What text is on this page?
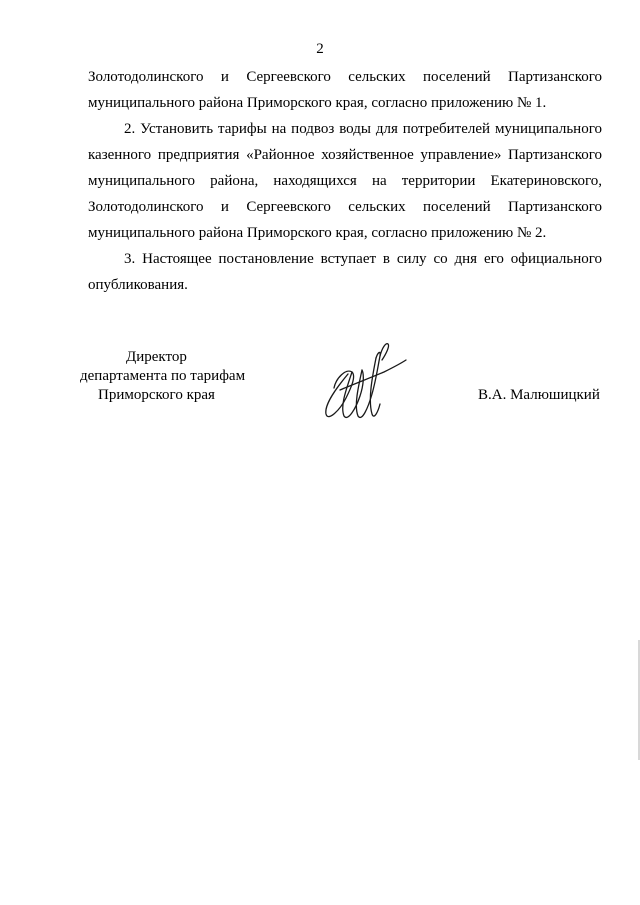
2
Золотодолинского и Сергеевского сельских поселений Партизанского
муниципального района Приморского края, согласно приложению № 1.
2. Установить тарифы на подвоз воды для потребителей муниципального
казенного предприятия «Районное хозяйственное управление» Партизанского
муниципального района, находящихся на территории Екатериновского,
Золотодолинского и Сергеевского сельских поселений Партизанского
муниципального района Приморского края, согласно приложению № 2.
3. Настоящее постановление вступает в силу со дня его официального
опубликования.
Директор
департамента по тарифам
Приморского края	В.А. Малюшицкий
